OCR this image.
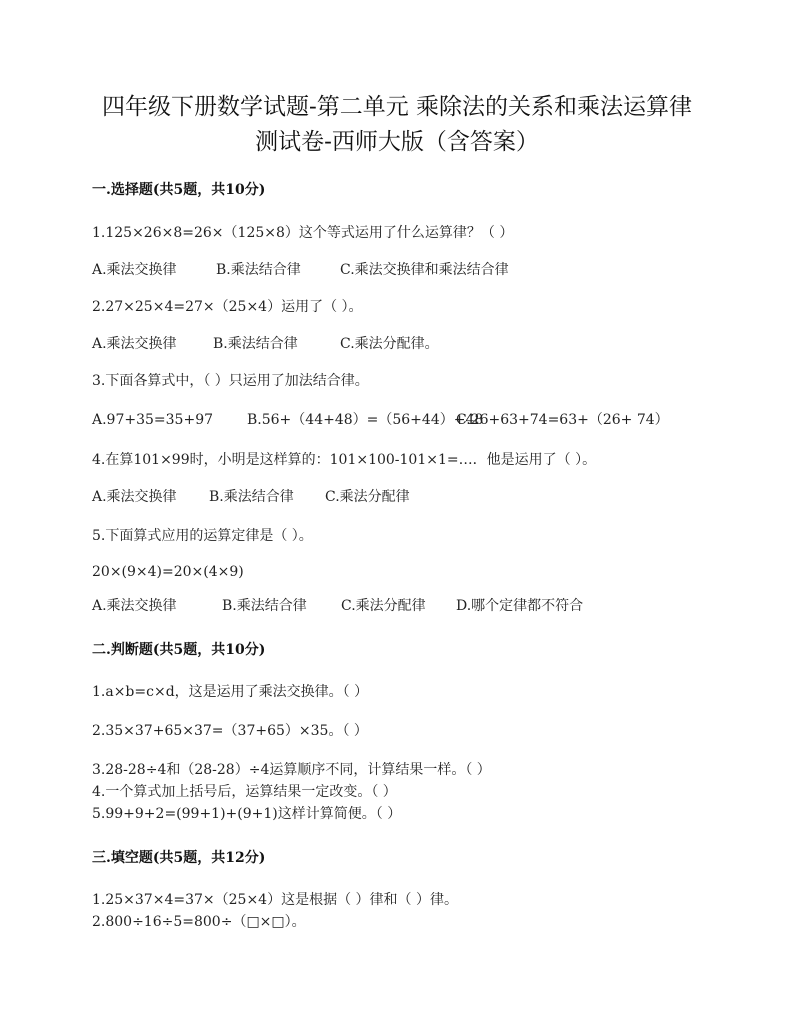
四年级下册数学试题-第二单元 乘除法的关系和乘法运算律
测试卷-西师大版（含答案）
一.选择题(共5题，共10分)
1.125×26×8=26×（125×8）这个等式运用了什么运算律？（ ）
A.乘法交换律	B.乘法结合律	C.乘法交换律和乘法结合律
2.27×25×4=27×（25×4）运用了（ ）。
A.乘法交换律	B.乘法结合律	C.乘法分配律。
3.下面各算式中，（ ）只运用了加法结合律。
A.97+35=35+97 B.56+（44+48）=（56+44）+48
C.26+63+74=63+（26+ 74）
4.在算101×99时，小明是这样算的：101×100-101×1=…．他是运用了（ ）。
A.乘法交换律 B.乘法结合律 C.乘法分配律
5.下面算式应用的运算定律是（ ）。
20×(9×4)=20×(4×9)
A.乘法交换律	B.乘法结合律 C.乘法分配律 D.哪个定律都不符合
二.判断题(共5题，共10分)
1.a×b=c×d，这是运用了乘法交换律。（ ）
2.35×37+65×37=（37+65）×35。（ ）
3.28-28÷4和（28-28）÷4运算顺序不同，计算结果一样。（ ）
4.一个算式加上括号后，运算结果一定改变。（ ）
5.99+9+2=(99+1)+(9+1)这样计算简便。（ ）
三.填空题(共5题，共12分)
1.25×37×4=37×（25×4）这是根据（ ）律和（ ）律。
2.800÷16÷5=800÷（□×□）。
